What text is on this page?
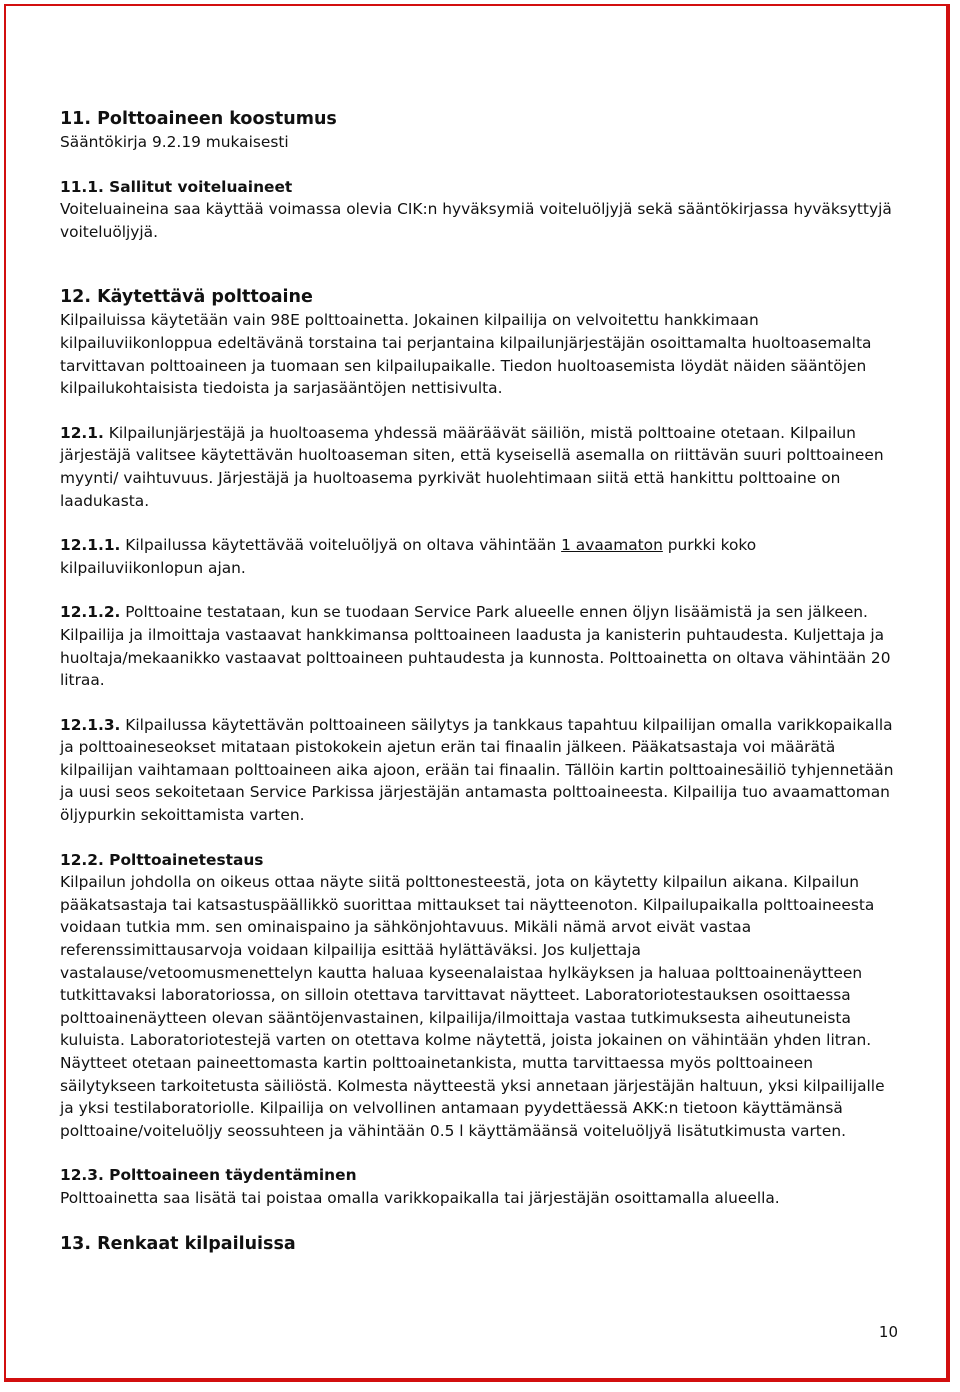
11. Polttoaineen koostumus

Sääntökirja 9.2.19 mukaisesti

11.1. Sallitut voiteluaineet

Voiteluaineina saa käyttää voimassa olevia CIK:n hyväksymiä voiteluöljyjä sekä sääntökirjassa hyväksyttyjä voiteluöljyjä.

12. Käytettävä polttoaine

Kilpailuissa käytetään vain 98E polttoainetta. Jokainen kilpailija on velvoitettu hankkimaan kilpailuviikonloppua edeltävänä torstaina tai perjantaina kilpailunjärjestäjän osoittamalta huoltoasemalta tarvittavan polttoaineen ja tuomaan sen kilpailupaikalle. Tiedon huoltoasemista löydät näiden sääntöjen kilpailukohtaisista tiedoista ja sarjasääntöjen nettisivulta.

12.1. Kilpailunjärjestäjä ja huoltoasema yhdessä määräävät säiliön, mistä polttoaine otetaan. Kilpailun järjestäjä valitsee käytettävän huoltoaseman siten, että kyseisellä asemalla on riittävän suuri polttoaineen myynti/ vaihtuvuus. Järjestäjä ja huoltoasema pyrkivät huolehtimaan siitä että hankittu polttoaine on laadukasta.

12.1.1. Kilpailussa käytettävää voiteluöljyä on oltava vähintään 1 avaamaton purkki koko kilpailuviikonlopun ajan.

12.1.2. Polttoaine testataan, kun se tuodaan Service Park alueelle ennen öljyn lisäämistä ja sen jälkeen. Kilpailija ja ilmoittaja vastaavat hankkimansa polttoaineen laadusta ja kanisterin puhtaudesta. Kuljettaja ja huoltaja/mekaanikko vastaavat polttoaineen puhtaudesta ja kunnosta. Polttoainetta on oltava vähintään 20 litraa.

12.1.3. Kilpailussa käytettävän polttoaineen säilytys ja tankkaus tapahtuu kilpailijan omalla varikkopaikalla ja polttoaineseokset mitataan pistokokein ajetun erän tai finaalin jälkeen. Pääkatsastaja voi määrätä kilpailijan vaihtamaan polttoaineen aika ajoon, erään tai finaalin. Tällöin kartin polttoainesäiliö tyhjennetään ja uusi seos sekoitetaan Service Parkissa järjestäjän antamasta polttoaineesta. Kilpailija tuo avaamattoman öljypurkin sekoittamista varten.

12.2. Polttoainetestaus

Kilpailun johdolla on oikeus ottaa näyte siitä polttonesteestä, jota on käytetty kilpailun aikana. Kilpailun pääkatsastaja tai katsastuspäällikkö suorittaa mittaukset tai näytteenoton. Kilpailupaikalla polttoaineesta voidaan tutkia mm. sen ominaispaino ja sähkönjohtavuus. Mikäli nämä arvot eivät vastaa referenssimittausarvoja voidaan kilpailija esittää hylättäväksi. Jos kuljettaja vastalause/vetoomusmenettelyn kautta haluaa kyseenalaistaa hylkäyksen ja haluaa polttoainenäytteen tutkittavaksi laboratoriossa, on silloin otettava tarvittavat näytteet. Laboratoriotestauksen osoittaessa polttoainenäytteen olevan sääntöjenvastainen, kilpailija/ilmoittaja vastaa tutkimuksesta aiheutuneista kuluista. Laboratoriotestejä varten on otettava kolme näytettä, joista jokainen on vähintään yhden litran. Näytteet otetaan paineettomasta kartin polttoainetankista, mutta tarvittaessa myös polttoaineen säilytykseen tarkoitetusta säiliöstä. Kolmesta näytteestä yksi annetaan järjestäjän haltuun, yksi kilpailijalle ja yksi testilaboratoriolle. Kilpailija on velvollinen antamaan pyydettäessä AKK:n tietoon käyttämänsä polttoaine/voiteluöljy seossuhteen ja vähintään 0.5 l käyttämäänsä voiteluöljyä lisätutkimusta varten.

12.3. Polttoaineen täydentäminen

Polttoainetta saa lisätä tai poistaa omalla varikkopaikalla tai järjestäjän osoittamalla alueella.

13. Renkaat kilpailuissa
10
